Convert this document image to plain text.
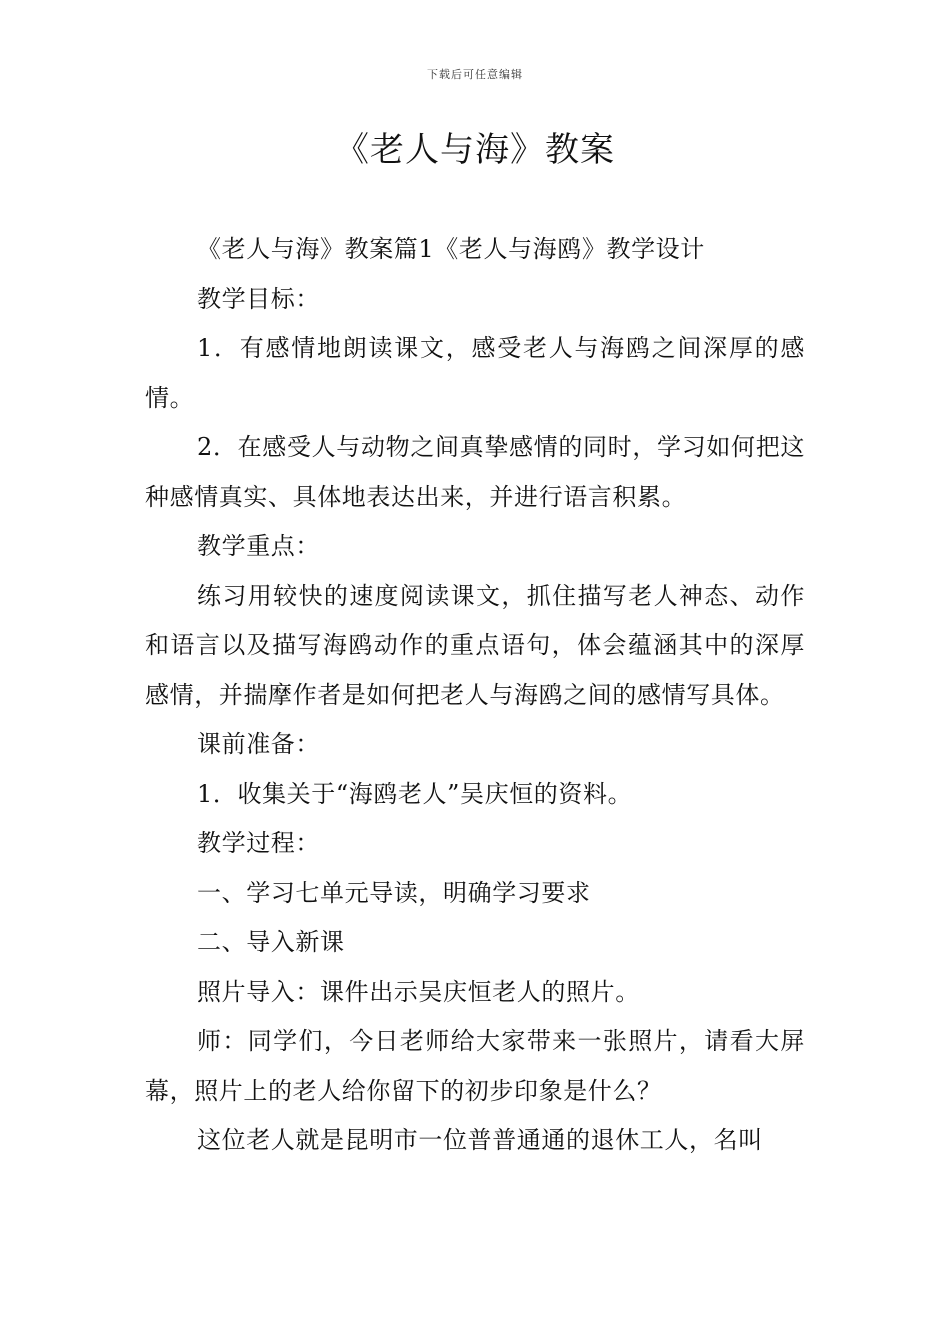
下载后可任意编辑
《老人与海》教案

《老人与海》教案篇1《老人与海鸥》教学设计

教学目标：

1．有感情地朗读课文，感受老人与海鸥之间深厚的感情。

2．在感受人与动物之间真挚感情的同时，学习如何把这种感情真实、具体地表达出来，并进行语言积累。

教学重点：

练习用较快的速度阅读课文，抓住描写老人神态、动作和语言以及描写海鸥动作的重点语句，体会蕴涵其中的深厚感情，并揣摩作者是如何把老人与海鸥之间的感情写具体。

课前准备：

1．收集关于“海鸥老人”吴庆恒的资料。

教学过程：

一、学习七单元导读，明确学习要求

二、导入新课

照片导入：课件出示吴庆恒老人的照片。

师：同学们，今日老师给大家带来一张照片，请看大屏幕，照片上的老人给你留下的初步印象是什么？

这位老人就是昆明市一位普普通通的退休工人，名叫
